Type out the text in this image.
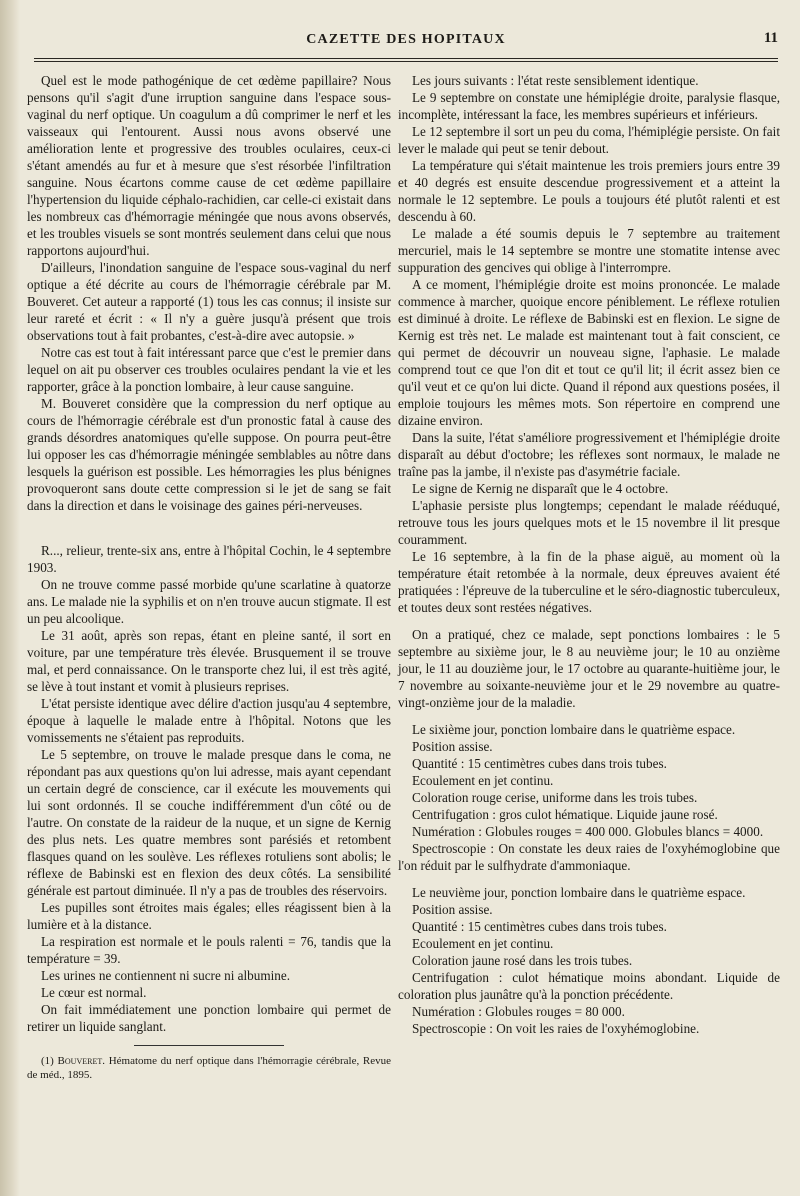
CAZETTE DES HOPITAUX	11

Quel est le mode pathogénique de cet œdème papillaire? Nous pensons qu'il s'agit d'une irruption sanguine dans l'espace sous-vaginal du nerf optique. Un coagulum a dû comprimer le nerf et les vaisseaux qui l'entourent. Aussi nous avons observé une amélioration lente et progressive des troubles oculaires, ceux-ci s'étant amendés au fur et à mesure que s'est résorbée l'infiltration sanguine. Nous écartons comme cause de cet œdème papillaire l'hypertension du liquide céphalo-rachidien, car celle-ci existait dans les nombreux cas d'hémorragie méningée que nous avons observés, et les troubles visuels se sont montrés seulement dans celui que nous rapportons aujourd'hui.

D'ailleurs, l'inondation sanguine de l'espace sous-vaginal du nerf optique a été décrite au cours de l'hémorragie cérébrale par M. Bouveret. Cet auteur a rapporté (1) tous les cas connus; il insiste sur leur rareté et écrit : « Il n'y a guère jusqu'à présent que trois observations tout à fait probantes, c'est-à-dire avec autopsie. »

Notre cas est tout à fait intéressant parce que c'est le premier dans lequel on ait pu observer ces troubles oculaires pendant la vie et les rapporter, grâce à la ponction lombaire, à leur cause sanguine.

M. Bouveret considère que la compression du nerf optique au cours de l'hémorragie cérébrale est d'un pronostic fatal à cause des grands désordres anatomiques qu'elle suppose. On pourra peut-être lui opposer les cas d'hémorragie méningée semblables au nôtre dans lesquels la guérison est possible. Les hémorragies les plus bénignes provoqueront sans doute cette compression si le jet de sang se fait dans la direction et dans le voisinage des gaines péri-nerveuses.

R..., relieur, trente-six ans, entre à l'hôpital Cochin, le 4 septembre 1903.

On ne trouve comme passé morbide qu'une scarlatine à quatorze ans. Le malade nie la syphilis et on n'en trouve aucun stigmate. Il est un peu alcoolique.

Le 31 août, après son repas, étant en pleine santé, il sort en voiture, par une température très élevée. Brusquement il se trouve mal, et perd connaissance. On le transporte chez lui, il est très agité, se lève à tout instant et vomit à plusieurs reprises.

L'état persiste identique avec délire d'action jusqu'au 4 septembre, époque à laquelle le malade entre à l'hôpital. Notons que les vomissements ne s'étaient pas reproduits.

Le 5 septembre, on trouve le malade presque dans le coma, ne répondant pas aux questions qu'on lui adresse, mais ayant cependant un certain degré de conscience, car il exécute les mouvements qui lui sont ordonnés. Il se couche indifféremment d'un côté ou de l'autre. On constate de la raideur de la nuque, et un signe de Kernig des plus nets. Les quatre membres sont parésiés et retombent flasques quand on les soulève. Les réflexes rotuliens sont abolis; le réflexe de Babinski est en flexion des deux côtés. La sensibilité générale est partout diminuée. Il n'y a pas de troubles des réservoirs.

Les pupilles sont étroites mais égales; elles réagissent bien à la lumière et à la distance.

La respiration est normale et le pouls ralenti = 76, tandis que la température = 39.

Les urines ne contiennent ni sucre ni albumine.

Le cœur est normal.

On fait immédiatement une ponction lombaire qui permet de retirer un liquide sanglant.

(1) Bouveret. Hématome du nerf optique dans l'hémorragie cérébrale, Revue de méd., 1895.

Les jours suivants : l'état reste sensiblement identique.

Le 9 septembre on constate une hémiplégie droite, paralysie flasque, incomplète, intéressant la face, les membres supérieurs et inférieurs.

Le 12 septembre il sort un peu du coma, l'hémiplégie persiste. On fait lever le malade qui peut se tenir debout.

La température qui s'était maintenue les trois premiers jours entre 39 et 40 degrés est ensuite descendue progressivement et a atteint la normale le 12 septembre. Le pouls a toujours été plutôt ralenti et est descendu à 60.

Le malade a été soumis depuis le 7 septembre au traitement mercuriel, mais le 14 septembre se montre une stomatite intense avec suppuration des gencives qui oblige à l'interrompre.

A ce moment, l'hémiplégie droite est moins prononcée. Le malade commence à marcher, quoique encore péniblement. Le réflexe rotulien est diminué à droite. Le réflexe de Babinski est en flexion. Le signe de Kernig est très net. Le malade est maintenant tout à fait conscient, ce qui permet de découvrir un nouveau signe, l'aphasie. Le malade comprend tout ce que l'on dit et tout ce qu'il lit; il écrit assez bien ce qu'il veut et ce qu'on lui dicte. Quand il répond aux questions posées, il emploie toujours les mêmes mots. Son répertoire en comprend une dizaine environ.

Dans la suite, l'état s'améliore progressivement et l'hémiplégie droite disparaît au début d'octobre; les réflexes sont normaux, le malade ne traîne pas la jambe, il n'existe pas d'asymétrie faciale.

Le signe de Kernig ne disparaît que le 4 octobre.

L'aphasie persiste plus longtemps; cependant le malade rééduqué, retrouve tous les jours quelques mots et le 15 novembre il lit presque couramment.

Le 16 septembre, à la fin de la phase aiguë, au moment où la température était retombée à la normale, deux épreuves avaient été pratiquées : l'épreuve de la tuberculine et le séro-diagnostic tuberculeux, et toutes deux sont restées négatives.

On a pratiqué, chez ce malade, sept ponctions lombaires : le 5 septembre au sixième jour, le 8 au neuvième jour; le 10 au onzième jour, le 11 au douzième jour, le 17 octobre au quarante-huitième jour, le 7 novembre au soixante-neuvième jour et le 29 novembre au quatre-vingt-onzième jour de la maladie.

Le sixième jour, ponction lombaire dans le quatrième espace.

Position assise.

Quantité : 15 centimètres cubes dans trois tubes.

Ecoulement en jet continu.

Coloration rouge cerise, uniforme dans les trois tubes.

Centrifugation : gros culot hématique. Liquide jaune rosé.

Numération : Globules rouges = 400 000. Globules blancs = 4000.

Spectroscopie : On constate les deux raies de l'oxyhémoglobine que l'on réduit par le sulfhydrate d'ammoniaque.

Le neuvième jour, ponction lombaire dans le quatrième espace.

Position assise.

Quantité : 15 centimètres cubes dans trois tubes.

Ecoulement en jet continu.

Coloration jaune rosé dans les trois tubes.

Centrifugation : culot hématique moins abondant. Liquide de coloration plus jaunâtre qu'à la ponction précédente.

Numération : Globules rouges = 80 000.

Spectroscopie : On voit les raies de l'oxyhémoglobine.
